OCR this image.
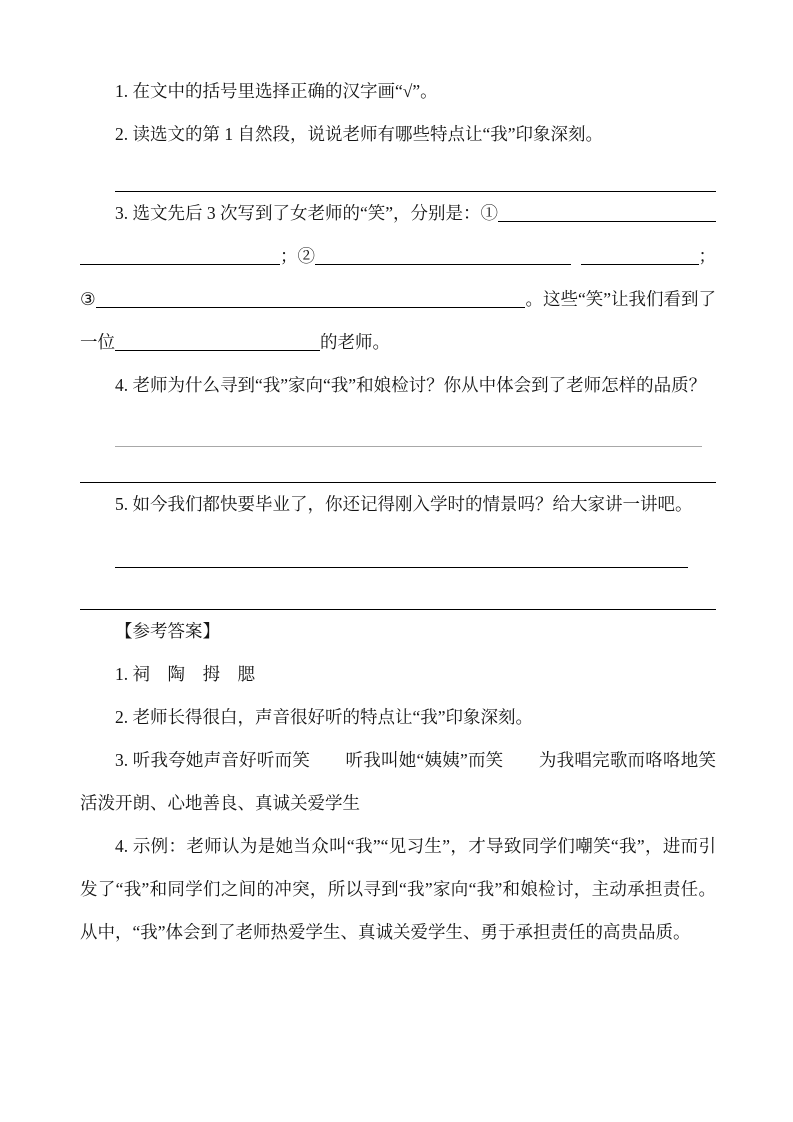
1. 在文中的括号里选择正确的汉字画“√”。

2. 读选文的第 1 自然段，说说老师有哪些特点让“我”印象深刻。

3. 选文先后 3 次写到了女老师的“笑”，分别是：①
；②	；
③	。这些“笑”让我们看到了
一位	的老师。

4. 老师为什么寻到“我”家向“我”和娘检讨？你从中体会到了老师怎样的品质？

5. 如今我们都快要毕业了，你还记得刚入学时的情景吗？给大家讲一讲吧。

【参考答案】

1. 祠　陶　拇　腮

2. 老师长得很白，声音很好听的特点让“我”印象深刻。

3. 听我夸她声音好听而笑　　听我叫她“姨姨”而笑　　为我唱完歌而咯咯地笑　　活泼开朗、心地善良、真诚关爱学生

4. 示例：老师认为是她当众叫“我”“见习生”，才导致同学们嘲笑“我”，进而引发了“我”和同学们之间的冲突，所以寻到“我”家向“我”和娘检讨，主动承担责任。从中，“我”体会到了老师热爱学生、真诚关爱学生、勇于承担责任的高贵品质。
